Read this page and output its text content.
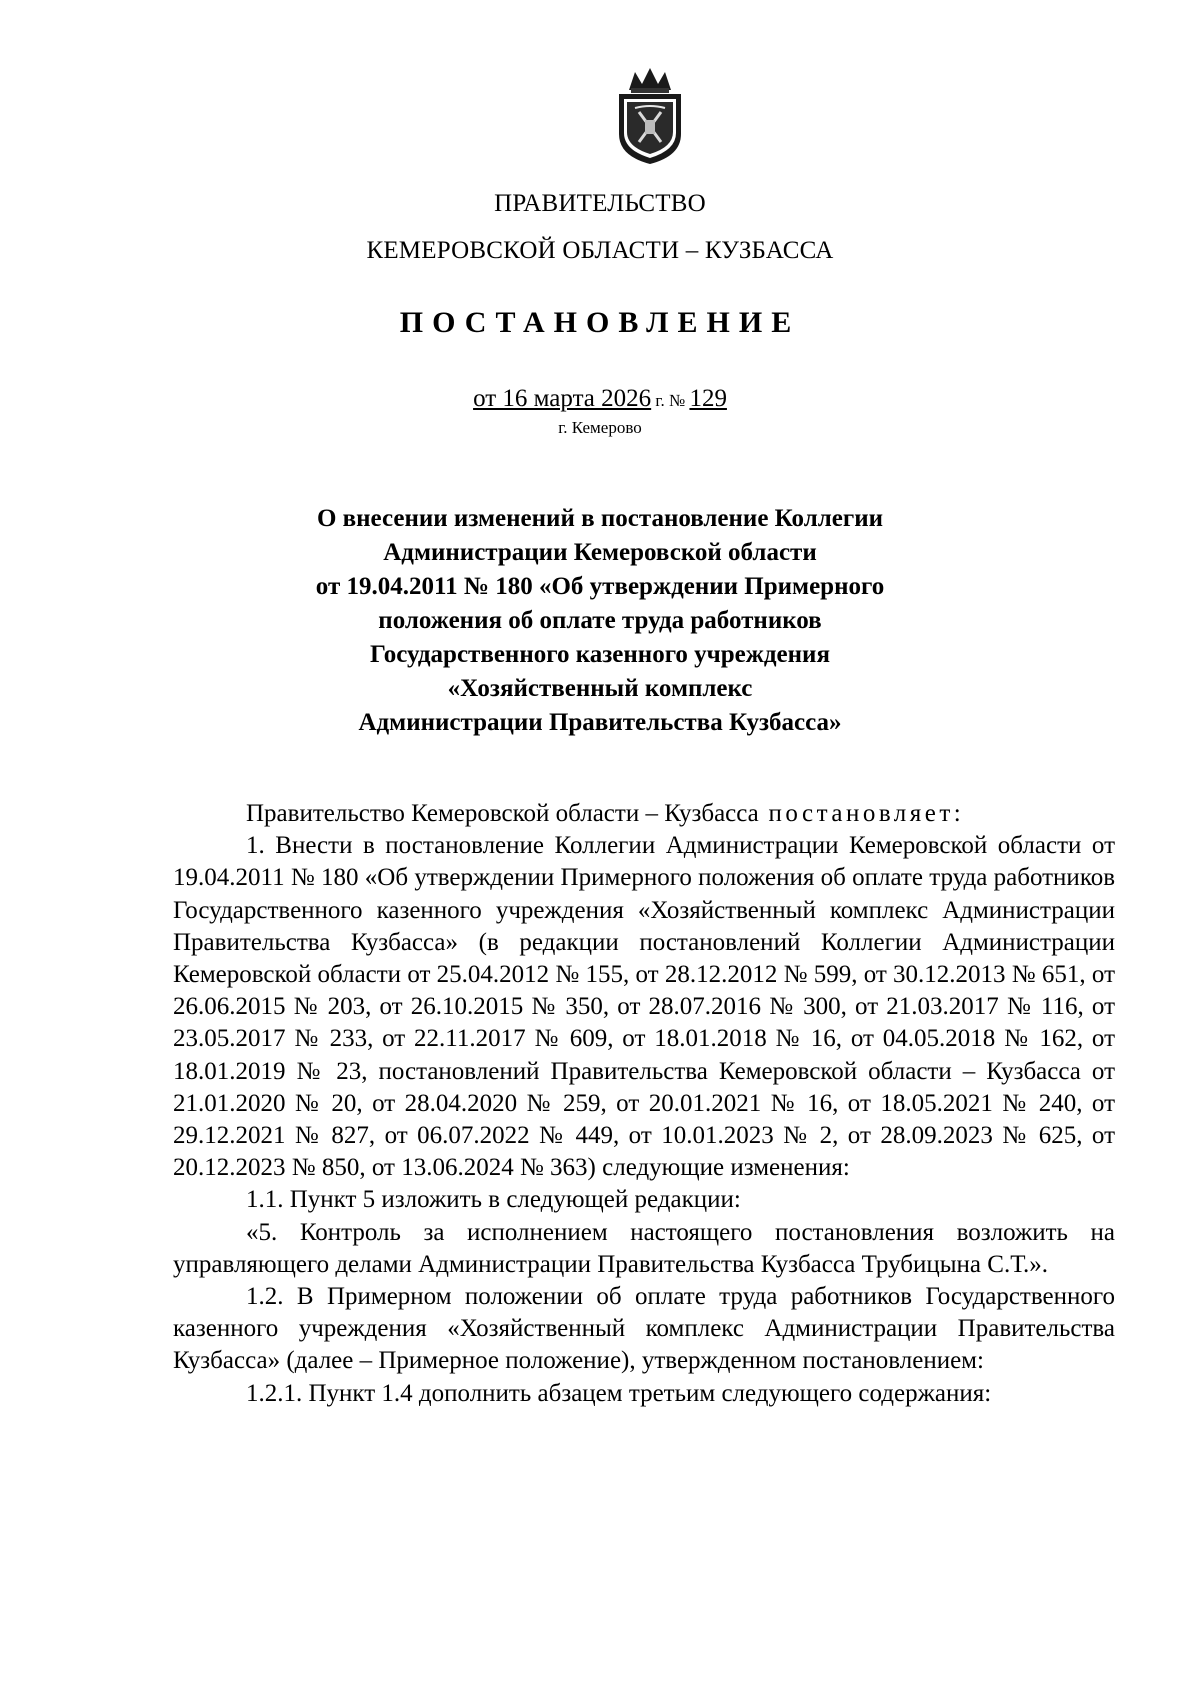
ПРАВИТЕЛЬСТВО
КЕМЕРОВСКОЙ ОБЛАСТИ – КУЗБАССА
ПОСТАНОВЛЕНИЕ
от 16 марта 2026 г. № 129
г. Кемерово
О внесении изменений в постановление Коллегии
Администрации Кемеровской области
от 19.04.2011 № 180 «Об утверждении Примерного
положения об оплате труда работников
Государственного казенного учреждения
«Хозяйственный комплекс
Администрации Правительства Кузбасса»

Правительство Кемеровской области – Кузбасса постановляет:

1. Внести в постановление Коллегии Администрации Кемеровской области от 19.04.2011 № 180 «Об утверждении Примерного положения об оплате труда работников Государственного казенного учреждения «Хозяйственный комплекс Администрации Правительства Кузбасса» (в редакции постановлений Коллегии Администрации Кемеровской области от 25.04.2012 № 155, от 28.12.2012 № 599, от 30.12.2013 № 651, от 26.06.2015 № 203, от 26.10.2015 № 350, от 28.07.2016 № 300, от 21.03.2017 № 116, от 23.05.2017 № 233, от 22.11.2017 № 609, от 18.01.2018 № 16, от 04.05.2018 № 162, от 18.01.2019 № 23, постановлений Правительства Кемеровской области – Кузбасса от 21.01.2020 № 20, от 28.04.2020 № 259, от 20.01.2021 № 16, от 18.05.2021 № 240, от 29.12.2021 № 827, от 06.07.2022 № 449, от 10.01.2023 № 2, от 28.09.2023 № 625, от 20.12.2023 № 850, от 13.06.2024 № 363) следующие изменения:

1.1. Пункт 5 изложить в следующей редакции:

«5. Контроль за исполнением настоящего постановления возложить на управляющего делами Администрации Правительства Кузбасса Трубицына С.Т.».

1.2. В Примерном положении об оплате труда работников Государственного казенного учреждения «Хозяйственный комплекс Администрации Правительства Кузбасса» (далее – Примерное положение), утвержденном постановлением:

1.2.1. Пункт 1.4 дополнить абзацем третьим следующего содержания:
